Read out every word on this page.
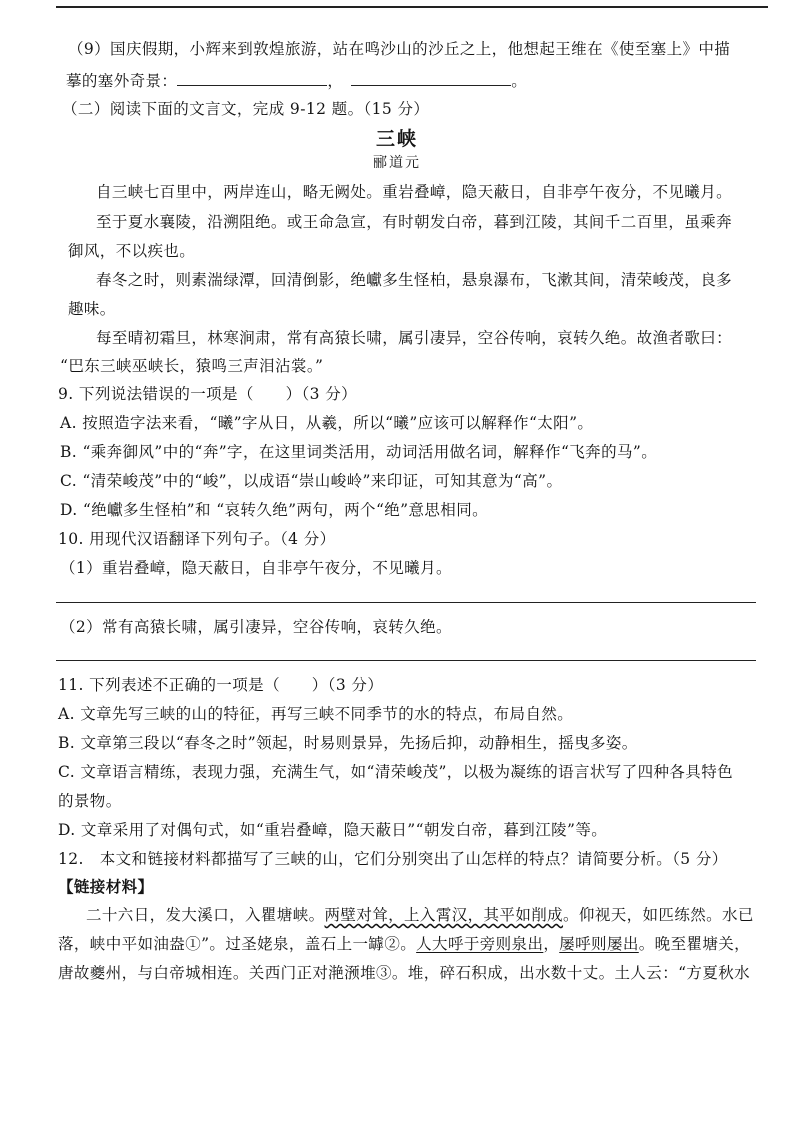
（9）国庆假期，小辉来到敦煌旅游，站在鸣沙山的沙丘之上，他想起王维在《使至塞上》中描
摹的塞外奇景：	，	。
（二）阅读下面的文言文，完成 9-12 题。（15 分）
三峡
郦道元
自三峡七百里中，两岸连山，略无阙处。重岩叠嶂，隐天蔽日，自非亭午夜分，不见曦月。
至于夏水襄陵，沿溯阻绝。或王命急宣，有时朝发白帝，暮到江陵，其间千二百里，虽乘奔
御风，不以疾也。
春冬之时，则素湍绿潭，回清倒影，绝巘多生怪柏，悬泉瀑布，飞漱其间，清荣峻茂，良多
趣味。
每至晴初霜旦，林寒涧肃，常有高猿长啸，属引凄异，空谷传响，哀转久绝。故渔者歌曰：
“巴东三峡巫峡长，猿鸣三声泪沾裳。”
9. 下列说法错误的一项是（　　）（3 分）
A. 按照造字法来看，“曦”字从日，从羲，所以“曦”应该可以解释作“太阳”。
B. “乘奔御风”中的“奔”字，在这里词类活用，动词活用做名词，解释作“飞奔的马”。
C. “清荣峻茂”中的“峻”，以成语“崇山峻岭”来印证，可知其意为“高”。
D. “绝巘多生怪柏”和 “哀转久绝”两句，两个“绝”意思相同。
10. 用现代汉语翻译下列句子。（4 分）
（1）重岩叠嶂，隐天蔽日，自非亭午夜分，不见曦月。
（2）常有高猿长啸，属引凄异，空谷传响，哀转久绝。
11. 下列表述不正确的一项是（　　）（3 分）
A. 文章先写三峡的山的特征，再写三峡不同季节的水的特点，布局自然。
B. 文章第三段以“春冬之时”领起，时易则景异，先扬后抑，动静相生，摇曳多姿。
C. 文章语言精练，表现力强，充满生气，如“清荣峻茂”，以极为凝练的语言状写了四种各具特色
的景物。
D. 文章采用了对偶句式，如“重岩叠嶂，隐天蔽日”“朝发白帝，暮到江陵”等。
12.　本文和链接材料都描写了三峡的山，它们分别突出了山怎样的特点？请简要分析。（5 分）
【链接材料】
二十六日，发大溪口，入瞿塘峡。两壁对耸，上入霄汉，其平如削成。仰视天，如匹练然。水已
落，峡中平如油盎①”。过圣姥泉，盖石上一罅②。人大呼于旁则泉出，屡呼则屡出。晚至瞿塘关，
唐故夔州，与白帝城相连。关西门正对滟滪堆③。堆，碎石积成，出水数十丈。土人云：“方夏秋水
